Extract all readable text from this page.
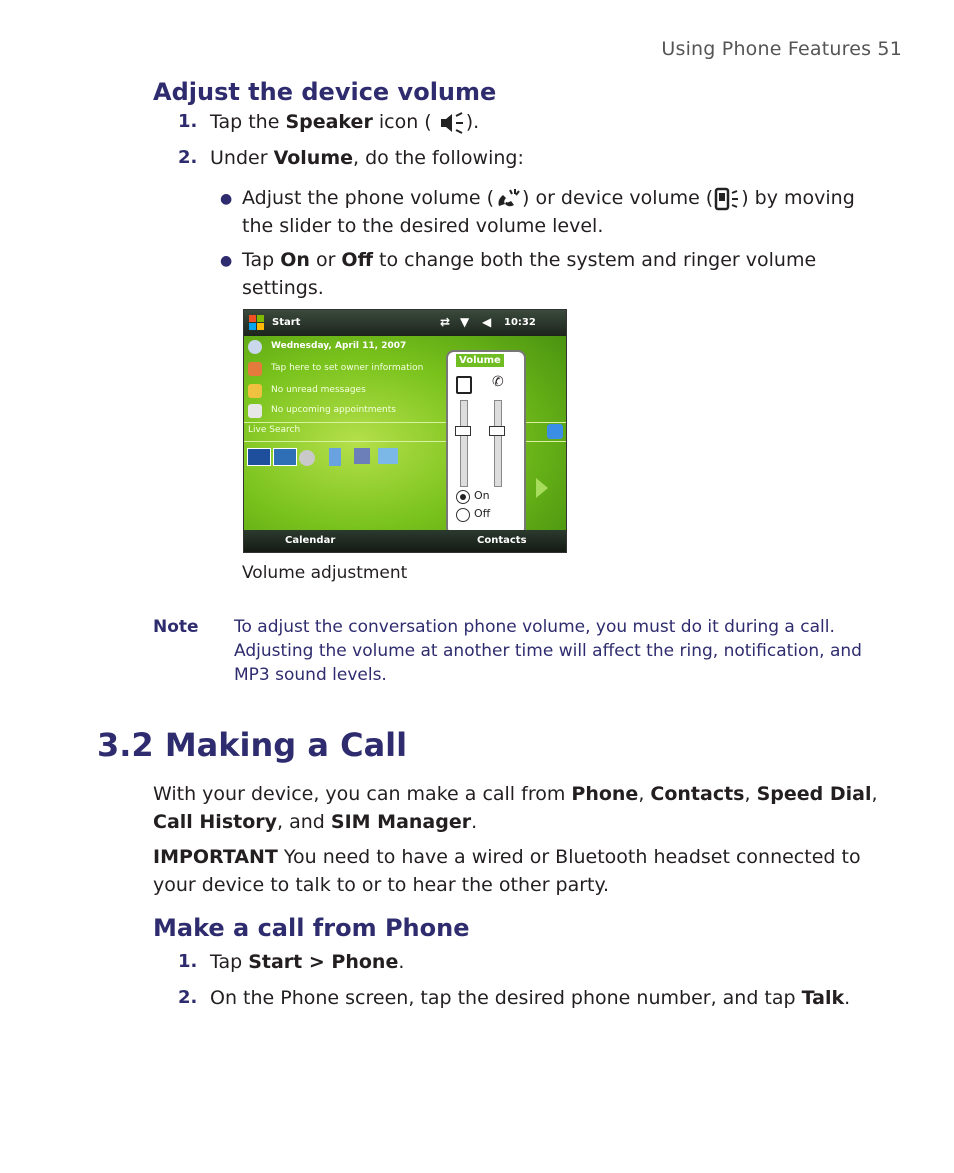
Using Phone Features 51
Adjust the device volume
1. Tap the Speaker icon ( ).
2. Under Volume, do the following:
● Adjust the phone volume ( ) or device volume ( ) by moving
the slider to the desired volume level.
● Tap On or Off to change both the system and ringer volume
settings.
Start	⇄ ▼ ◀ 10:32
Wednesday, April 11, 2007
Tap here to set owner information
No unread messages
No upcoming appointments
Live Search
Volume
✆
On
Off
Calendar	Contacts
Volume adjustment
Note To adjust the conversation phone volume, you must do it during a call.
Adjusting the volume at another time will affect the ring, notification, and
MP3 sound levels.
3.2 Making a Call
With your device, you can make a call from Phone, Contacts, Speed Dial,
Call History, and SIM Manager.
IMPORTANT You need to have a wired or Bluetooth headset connected to
your device to talk to or to hear the other party.
Make a call from Phone
1. Tap Start > Phone.
2. On the Phone screen, tap the desired phone number, and tap Talk.
